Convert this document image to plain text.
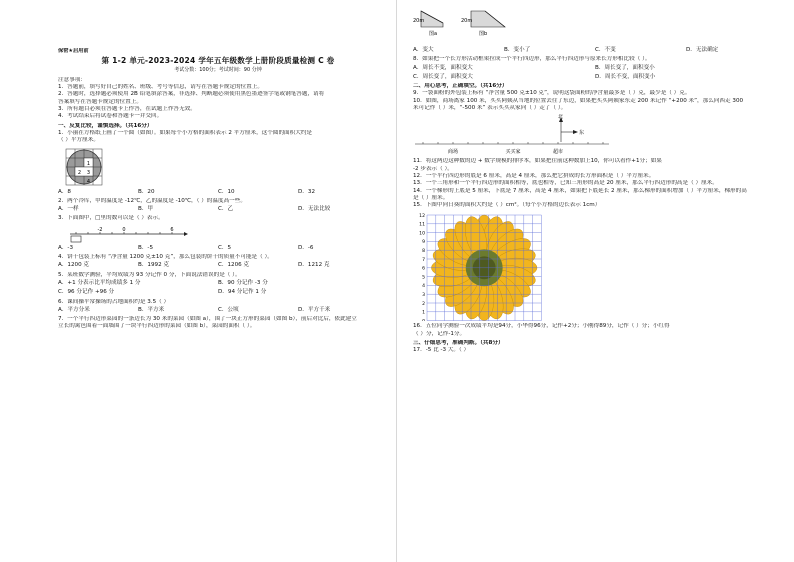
保密★启用前
第 1-2 单元-2023-2024 学年五年级数学上册阶段质量检测 C 卷
考试分数：100分；考试时间：90 分钟
注意事项：
1．答题前，填写好自己的姓名、班级、考号等信息，请写在答题卡规定的位置上。
2．答题时，选择题必须使用 2B 铅笔填涂答案，非选择、判断题必须使用黑色墨迹签字笔或钢笔答题，请将
答案填写在答题卡规定的位置上。
3．所有题目必须在答题卡上作答，在试题上作答无效。
4．考试结束后将试卷和答题卡一并交回。
一、反复比较，谨慎选择。（共16分）
1．小丽在方格纸上画了一个圆（如图）。如果每个小方格的面积表示 2 平方厘米，这个圆的面积大约是
（ ）平方厘米。
1
2 3
4
A．8	B．20	C．10	D．32
2．两个冷库，甲的温度是 -12℃，乙的温度是 -10℃，（ ）的温度高一些。
A．一样	B．甲	C．乙	D．无法比较
3．下面图中，□里的数可以是（ ）表示。
-2	0	6
A．-3	B．-5	C．5	D．-6
4．饼干包装上标有 “净含量 1200 克±10 克”，那么包装的饼干的质量不可能是（ ）。
A．1200 克	B．1992 克	C．1206 克	D．1212 克
5．某班数学测验，平均成绩为 93 分记作 0 分，下面说法错误的是（ ）。
A．+1 分表示比平均成绩多 1 分	B．90 分记作 -3 分
C．96 分记作 +96 分	D．94 分记作 1 分
6．课间操平常操场的占地面积约是 3.5（ ）
A．平方分米	B．平方米	C．公顷	D．平方千米
7．一个平行四边形菜园的一条边长为 30 米的菜园（如图 a），围了一块正方形的菜园（如图 b），前后对比后，依此建立
立长的篱笆围着一面墙围了一块平行四边形的菜园（如图 b），菜园的面积（ ）。
20m	20m
图a	图b
A．变大	B．变小了	C．不变	D．无法确定
8．如果把一个长方形活动框架拉成一个平行四边形，那么平行四边形与原来长方形相比较（ ）。
A．周长不变，面积变大	B．周长变了，面积变小
C．周长变了，面积变大	D．周长不变，面积变小
二、用心思考，正确填空。（共16分）
9．一袋面粉的外包装上标有 “净含量 500 克±10 克”，说明这袋面粉的净含量最多是（ ）克，最少是（ ）克。
10．如图，商场离家 100 米，买买阿姨从当地的位置去往了东边，如果把买买阿姨家东走 200 米记作 “+200 米”，那么向西走 300
米可记作（ ）米，“-500 米” 表示买买从家向（ ）走了（ ）。
北
东
商场	买买家	超市
11．将这两边这种数的边 + 数字规模的排序本，如果把往前这种数加上10，你可以看作+1分；如果
-2 步表示（ ）。
12．一个平行四边形的底是 6 厘米，高是 4 厘米，那么把它拼成的长方形面积是（ ）平方厘米。
13．一个三角形和一个平行四边形的面积相等，底也相等，已知三角形的高是 20 厘米，那么平行四边形的高是（ ）厘米。
14．一个梯形的上底是 5 厘米，下底是 7 厘米，高是 4 厘米，如果把下底延长 2 厘米，那么梯形的面积增加（ ）平方厘米，梯形的高
是（ ）厘米。
15．下图中向日葵的面积大约是（ ）cm²。（每个小方格的边长表示 1cm）
12
11
10
9
8
7
6
5
4
3
2
1
16．五位同学测验一次成绩平均是94分，小华得96分，记作+2分；小刚得89分，记作（ ）分；小红得
（ ）分，记作-1分。
三、仔细思考，准确判断。（共8分）
17．-5 比 -3 大。（ ）
